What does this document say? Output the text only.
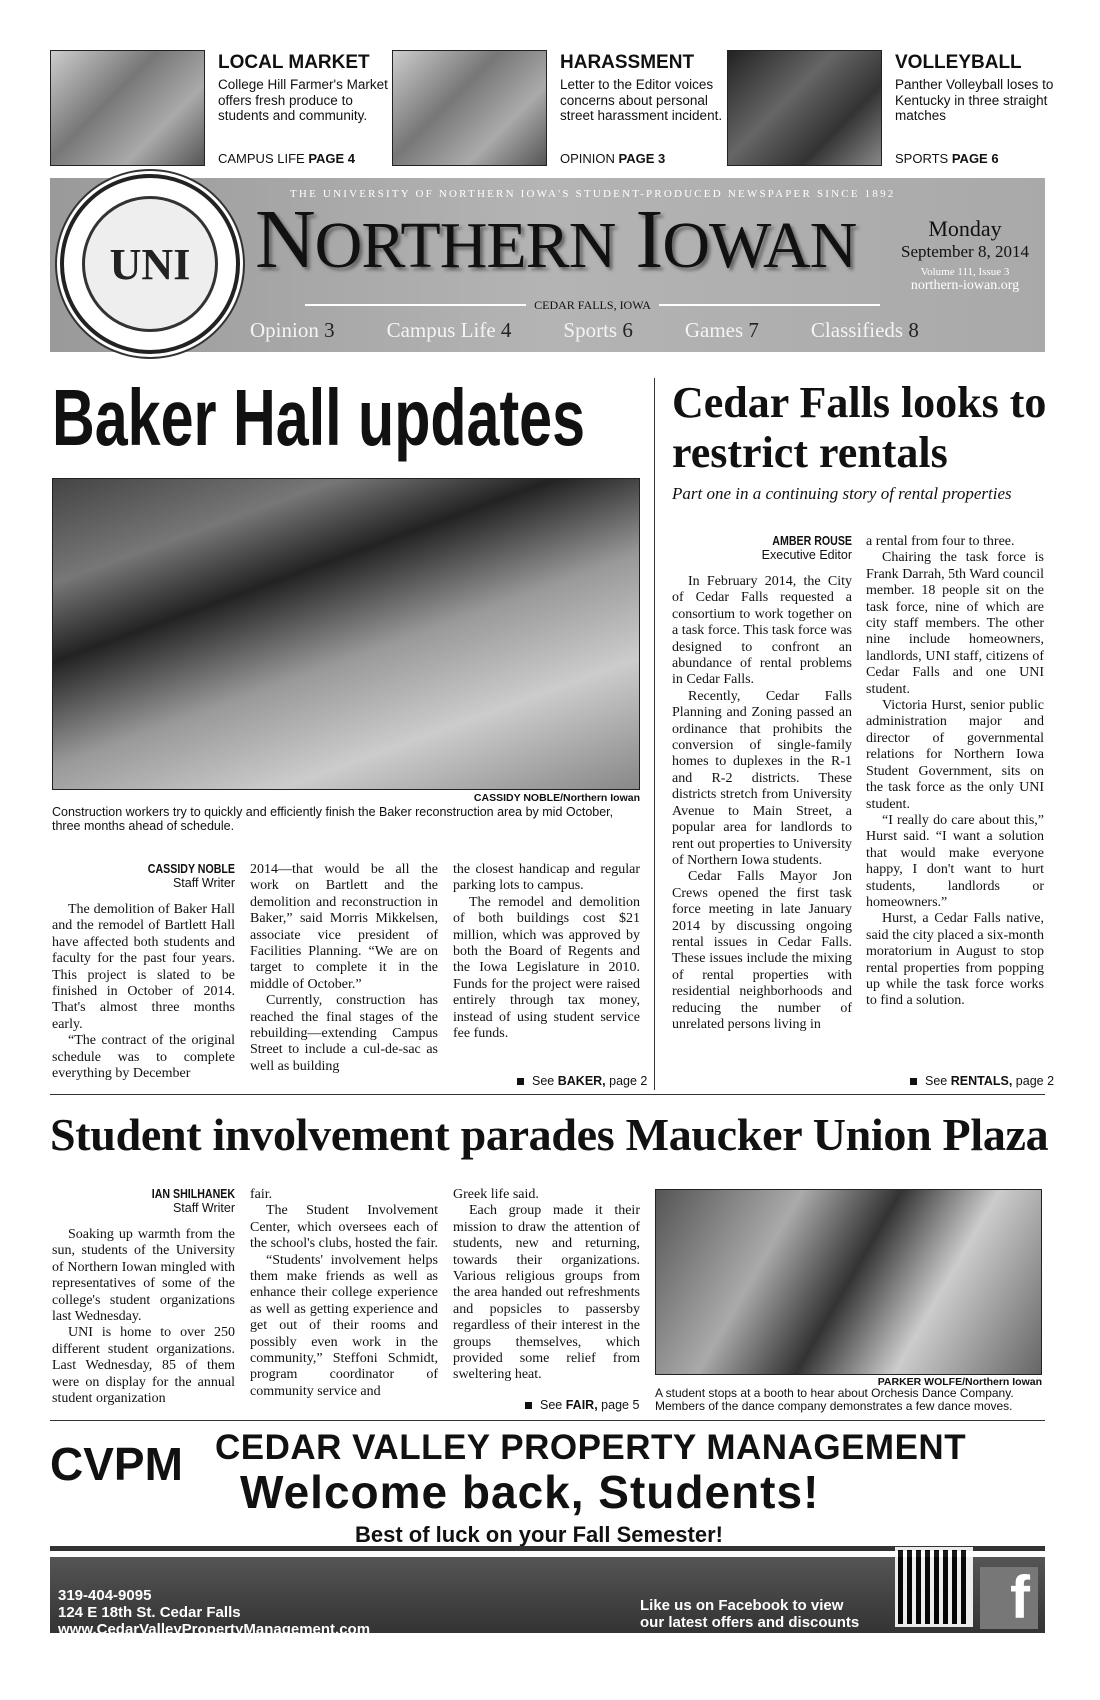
LOCAL MARKET
College Hill Farmer's Market offers fresh produce to students and community.
CAMPUS LIFE PAGE 4
HARASSMENT
Letter to the Editor voices concerns about personal street harassment incident.
OPINION PAGE 3
VOLLEYBALL
Panther Volleyball loses to Kentucky in three straight matches
SPORTS PAGE 6
UNI
THE UNIVERSITY OF NORTHERN IOWA'S STUDENT-PRODUCED NEWSPAPER SINCE 1892
NORTHERN IOWAN
CEDAR FALLS, IOWA
Opinion 3 Campus Life 4 Sports 6 Games 7 Classifieds 8
Monday
September 8, 2014
Volume 111, Issue 3
northern-iowan.org
Baker Hall updates
CASSIDY NOBLE/Northern Iowan
Construction workers try to quickly and efficiently finish the Baker reconstruction area by mid October, three months ahead of schedule.
CASSIDY NOBLE
Staff Writer

The demolition of Baker Hall and the remodel of Bartlett Hall have affected both students and faculty for the past four years. This project is slated to be finished in October of 2014. That's almost three months early.

“The contract of the original schedule was to complete everything by December

2014—that would be all the work on Bartlett and the demolition and reconstruction in Baker,” said Morris Mikkelsen, associate vice president of Facilities Planning. “We are on target to complete it in the middle of October.”

Currently, construction has reached the final stages of the rebuilding—extending Campus Street to include a cul-de-sac as well as building

the closest handicap and regular parking lots to campus.

The remodel and demolition of both buildings cost $21 million, which was approved by both the Board of Regents and the Iowa Legislature in 2010. Funds for the project were raised entirely through tax money, instead of using student service fee funds.

See BAKER, page 2
Cedar Falls looks to restrict rentals
Part one in a continuing story of rental properties
AMBER ROUSE
Executive Editor

In February 2014, the City of Cedar Falls requested a consortium to work together on a task force. This task force was designed to confront an abundance of rental problems in Cedar Falls.

Recently, Cedar Falls Planning and Zoning passed an ordinance that prohibits the conversion of single-family homes to duplexes in the R-1 and R-2 districts. These districts stretch from University Avenue to Main Street, a popular area for landlords to rent out properties to University of Northern Iowa students.

Cedar Falls Mayor Jon Crews opened the first task force meeting in late January 2014 by discussing ongoing rental issues in Cedar Falls. These issues include the mixing of rental properties with residential neighborhoods and reducing the number of unrelated persons living in

a rental from four to three.

Chairing the task force is Frank Darrah, 5th Ward council member. 18 people sit on the task force, nine of which are city staff members. The other nine include homeowners, landlords, UNI staff, citizens of Cedar Falls and one UNI student.

Victoria Hurst, senior public administration major and director of governmental relations for Northern Iowa Student Government, sits on the task force as the only UNI student.

“I really do care about this,” Hurst said. “I want a solution that would make everyone happy, I don't want to hurt students, landlords or homeowners.”

Hurst, a Cedar Falls native, said the city placed a six-month moratorium in August to stop rental properties from popping up while the task force works to find a solution.

See RENTALS, page 2
Student involvement parades Maucker Union Plaza
IAN SHILHANEK
Staff Writer

Soaking up warmth from the sun, students of the University of Northern Iowan mingled with representatives of some of the college's student organizations last Wednesday.

UNI is home to over 250 different student organizations. Last Wednesday, 85 of them were on display for the annual student organization

fair.

The Student Involvement Center, which oversees each of the school's clubs, hosted the fair.

“Students' involvement helps them make friends as well as enhance their college experience as well as getting experience and get out of their rooms and possibly even work in the community,” Steffoni Schmidt, program coordinator of community service and

Greek life said.

Each group made it their mission to draw the attention of students, new and returning, towards their organizations. Various religious groups from the area handed out refreshments and popsicles to passersby regardless of their interest in the groups themselves, which provided some relief from sweltering heat.

See FAIR, page 5
PARKER WOLFE/Northern Iowan
A student stops at a booth to hear about Orchesis Dance Company. Members of the dance company demonstrates a few dance moves.
CVPM CEDAR VALLEY PROPERTY MANAGEMENT
Welcome back, Students!
Best of luck on your Fall Semester!
319-404-9095
124 E 18th St. Cedar Falls
www.CedarValleyPropertyManagement.com
Like us on Facebook to view
our latest offers and discounts	f
